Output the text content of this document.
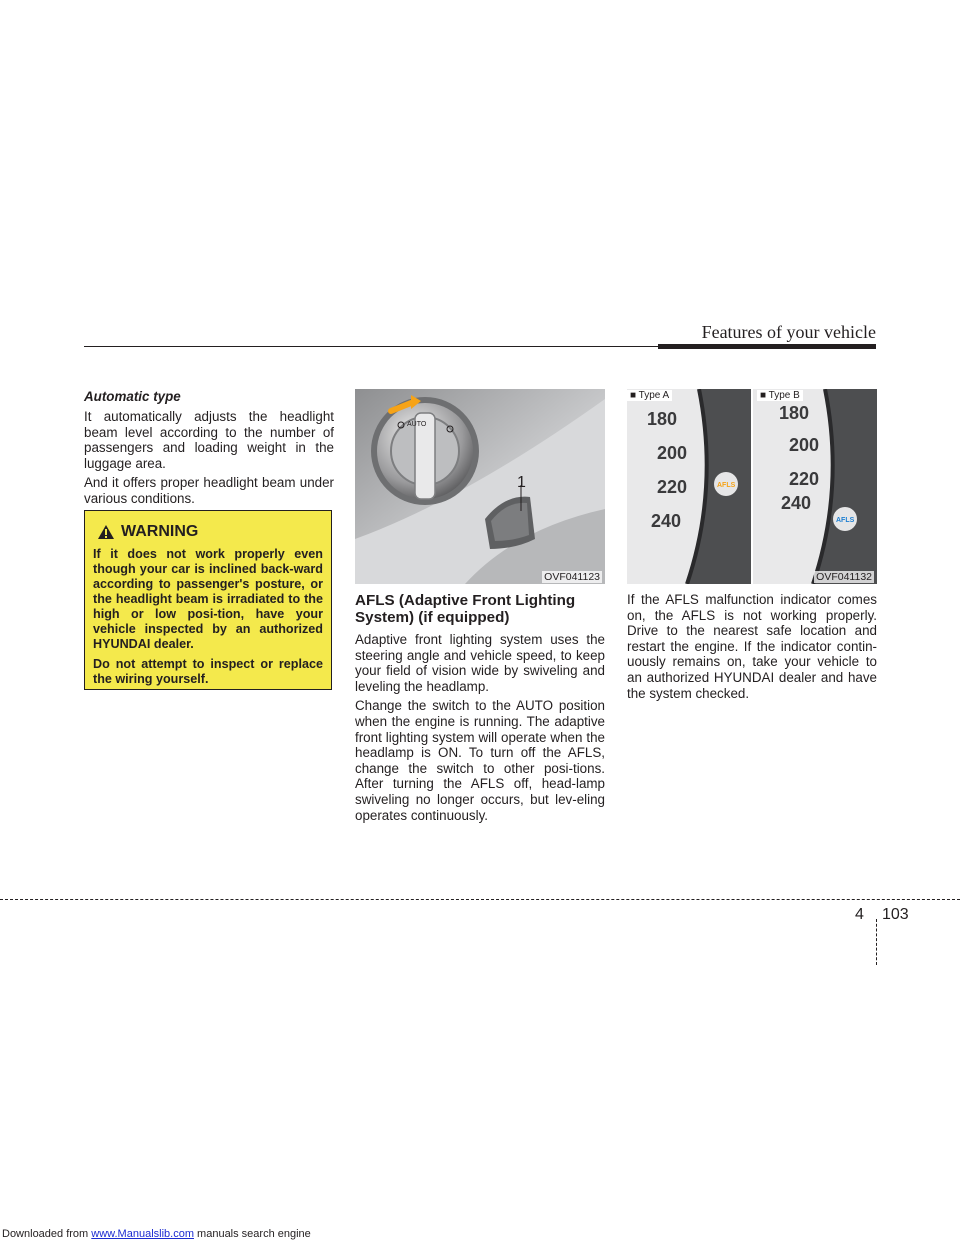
Features of your vehicle

Automatic type

It automatically adjusts the headlight beam level according to the number of passengers and loading weight in the luggage area.

And it offers proper headlight beam under various conditions.

WARNING

If it does not work properly even though your car is inclined back-ward according to passenger's posture, or the headlight beam is irradiated to the high or low posi-tion, have your vehicle inspected by an authorized HYUNDAI dealer.

Do not attempt to inspect or replace the wiring yourself.

AUTO
1
OVF041123
180
200
220
240
AFLS
■ Type A
180
200
220
240
AFLS
■ Type B
OVF041132

AFLS (Adaptive Front Lighting System) (if equipped)

Adaptive front lighting system uses the steering angle and vehicle speed, to keep your field of vision wide by swiveling and leveling the headlamp.

Change the switch to the AUTO position when the engine is running. The adaptive front lighting system will operate when the headlamp is ON. To turn off the AFLS, change the switch to other posi-tions. After turning the AFLS off, head-lamp swiveling no longer occurs, but lev-eling operates continuously.

If the AFLS malfunction indicator comes on, the AFLS is not working properly. Drive to the nearest safe location and restart the engine. If the indicator contin-uously remains on, take your vehicle to an authorized HYUNDAI dealer and have the system checked.

4 103
Downloaded from www.Manualslib.com manuals search engine
